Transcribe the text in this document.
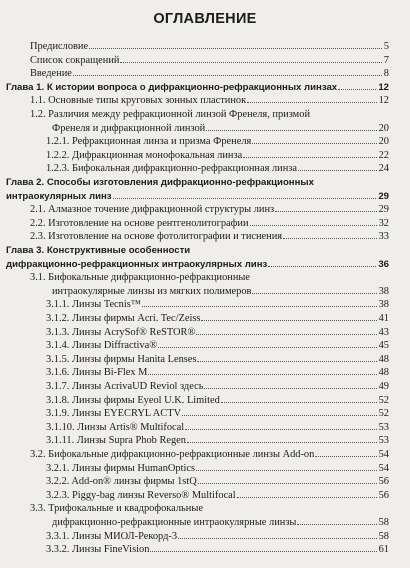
ОГЛАВЛЕНИЕ
Предисловие	5
Список сокращений	7
Введение	8
Глава 1. К истории вопроса о дифракционно-рефракционных линзах	12
1.1. Основные типы круговых зонных пластинок	12
1.2. Различия между рефракционной линзой Френеля, призмой
Френеля и дифракционной линзой	20
1.2.1. Рефракционная линза и призма Френеля	20
1.2.2. Дифракционная монофокальная линза	22
1.2.3. Бифокальная дифракционно-рефракционная линза	24
Глава 2. Способы изготовления дифракционно-рефракционных
интраокулярных линз	29
2.1. Алмазное точение дифракционной структуры линз	29
2.2. Изготовление на основе рентгенолитографии	32
2.3. Изготовление на основе фотолитографии и тиснения	33
Глава 3. Конструктивные особенности
дифракционно-рефракционных интраокулярных линз	36
3.1. Бифокальные дифракционно-рефракционные
интраокулярные линзы из мягких полимеров	38
3.1.1. Линзы Tecnis™	38
3.1.2. Линзы фирмы Acri. Tec/Zeiss	41
3.1.3. Линзы AcrySof® ReSTOR®	43
3.1.4. Линзы Diffractiva®	45
3.1.5. Линзы фирмы Hanita Lenses	48
3.1.6. Линзы Bi-Flex M	48
3.1.7. Линзы AcrivaUD Reviol здесь	49
3.1.8. Линзы фирмы Eyeol U.K. Limited	52
3.1.9. Линзы EYECRYL ACTV	52
3.1.10. Линзы Artis® Multifocal	53
3.1.11. Линзы Supra Phob Regen	53
3.2. Бифокальные дифракционно-рефракционные линзы Add-on	54
3.2.1. Линзы фирмы HumanOptics	54
3.2.2. Add-on® линзы фирмы 1stQ	56
3.2.3. Piggy-bag линзы Reverso® Multifocal	56
3.3. Трифокальные и квадрофокальные
дифракционно-рефракционные интраокулярные линзы	58
3.3.1. Линзы МИОЛ-Рекорд-3	58
3.3.2. Линзы FineVision	61
